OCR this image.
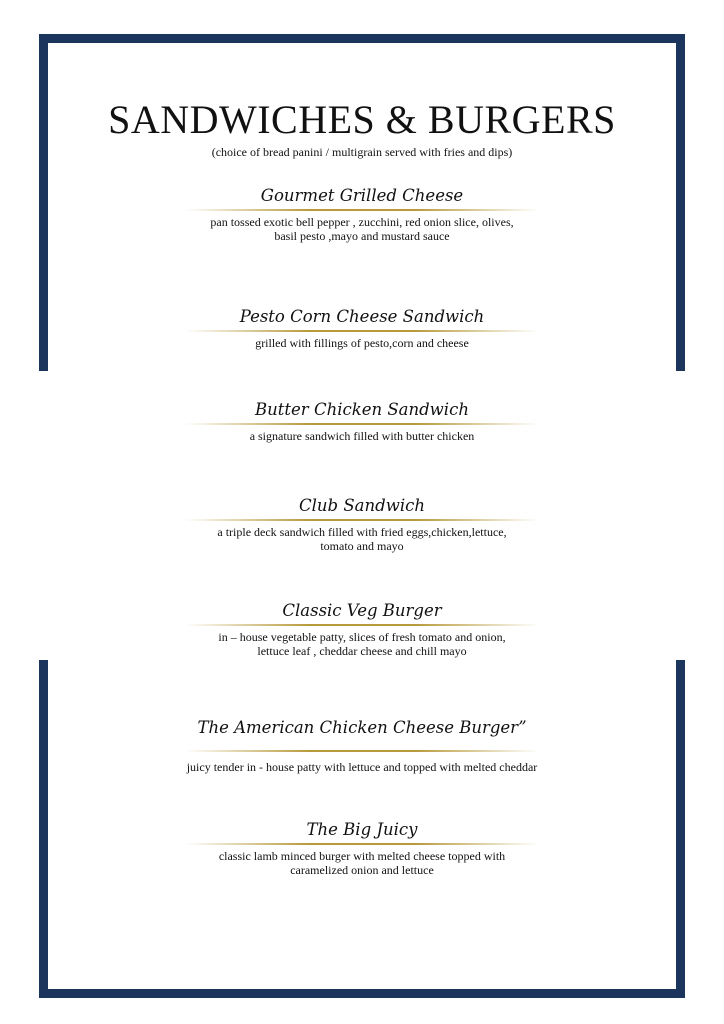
SANDWICHES & BURGERS
(choice of bread panini / multigrain served with fries and dips)
Gourmet Grilled Cheese
pan tossed exotic bell pepper , zucchini, red onion slice, olives,
basil pesto ,mayo and mustard sauce
Pesto Corn Cheese Sandwich
grilled with fillings of pesto,corn and cheese
Butter Chicken Sandwich
a signature sandwich filled with butter chicken
Club Sandwich
a triple deck sandwich filled with fried eggs,chicken,lettuce,
tomato and mayo
Classic Veg Burger
in – house vegetable patty, slices of fresh tomato and onion,
lettuce leaf , cheddar cheese and chill mayo
The American Chicken Cheese Burger”
juicy tender in - house patty with lettuce and topped with melted cheddar
The Big Juicy
classic lamb minced burger with melted cheese topped with
caramelized onion and lettuce
